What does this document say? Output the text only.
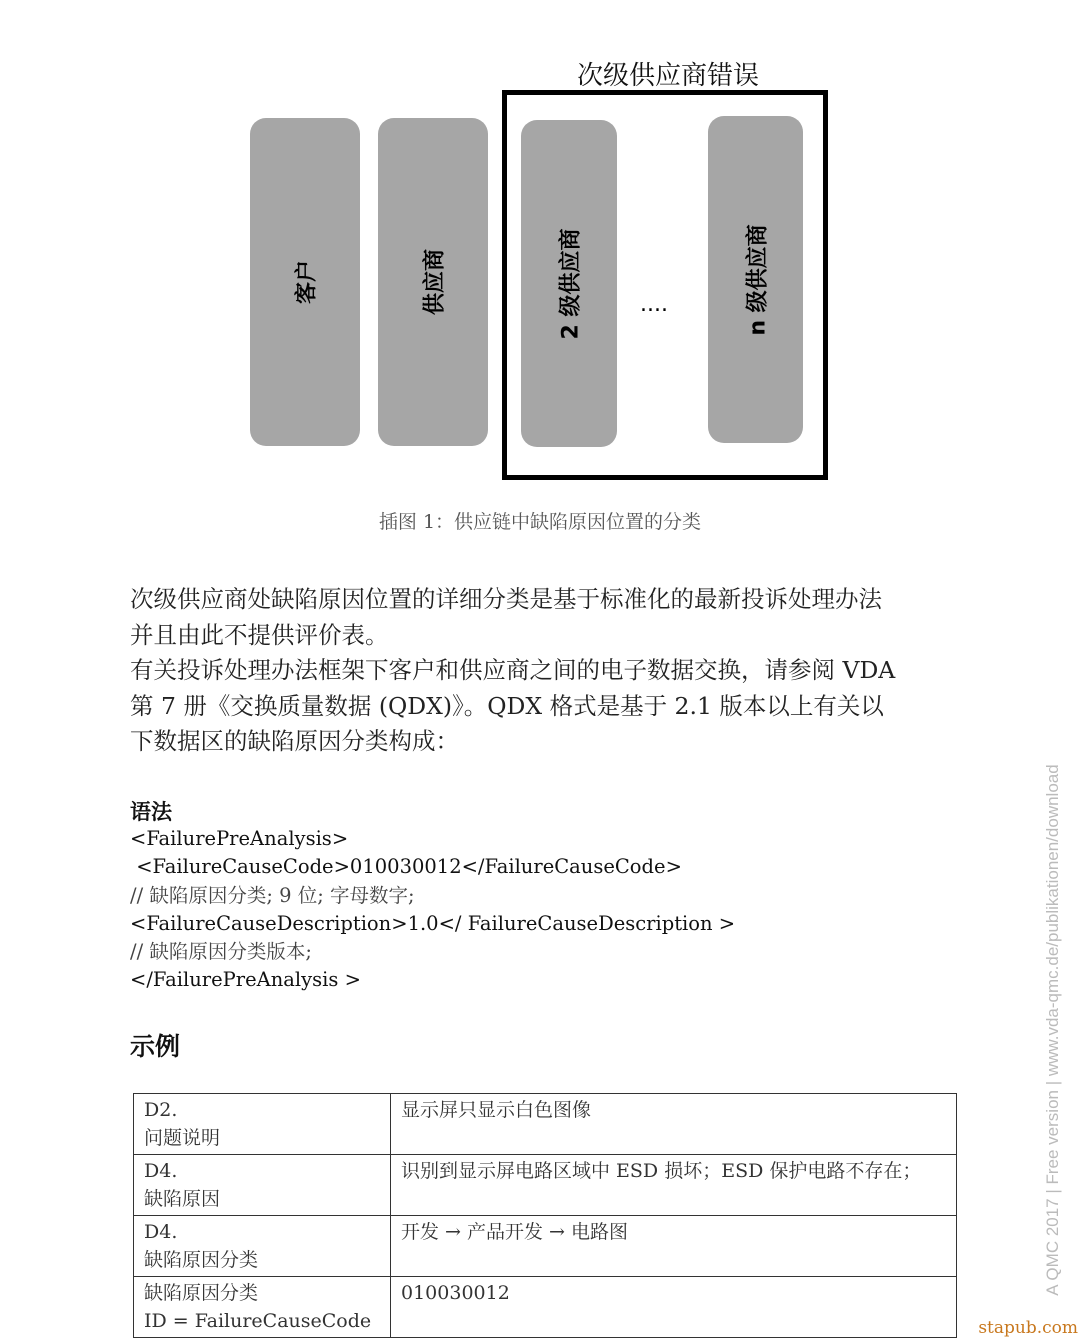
次级供应商错误
客户	供应商	2 级供应商	n 级供应商
....
插图 1：供应链中缺陷原因位置的分类
次级供应商处缺陷原因位置的详细分类是基于标准化的最新投诉处理办法
并且由此不提供评价表。
有关投诉处理办法框架下客户和供应商之间的电子数据交换，请参阅 VDA
第 7 册《交换质量数据 (QDX)》。QDX 格式是基于 2.1 版本以上有关以
下数据区的缺陷原因分类构成：
语法
<FailurePreAnalysis>
<FailureCauseCode>010030012</FailureCauseCode>
// 缺陷原因分类; 9 位; 字母数字;
<FailureCauseDescription>1.0</ FailureCauseDescription >
// 缺陷原因分类版本;
</FailurePreAnalysis >
示例
D2.
问题说明	显示屏只显示白色图像

D4.
缺陷原因	识别到显示屏电路区域中 ESD 损坏；ESD 保护电路不存在；

D4.
缺陷原因分类	开发 → 产品开发 → 电路图

缺陷原因分类
ID = FailureCauseCode	010030012	A QMC 2017 | Free version | www.vda-qmc.de/publikationen/download
stapub.com
